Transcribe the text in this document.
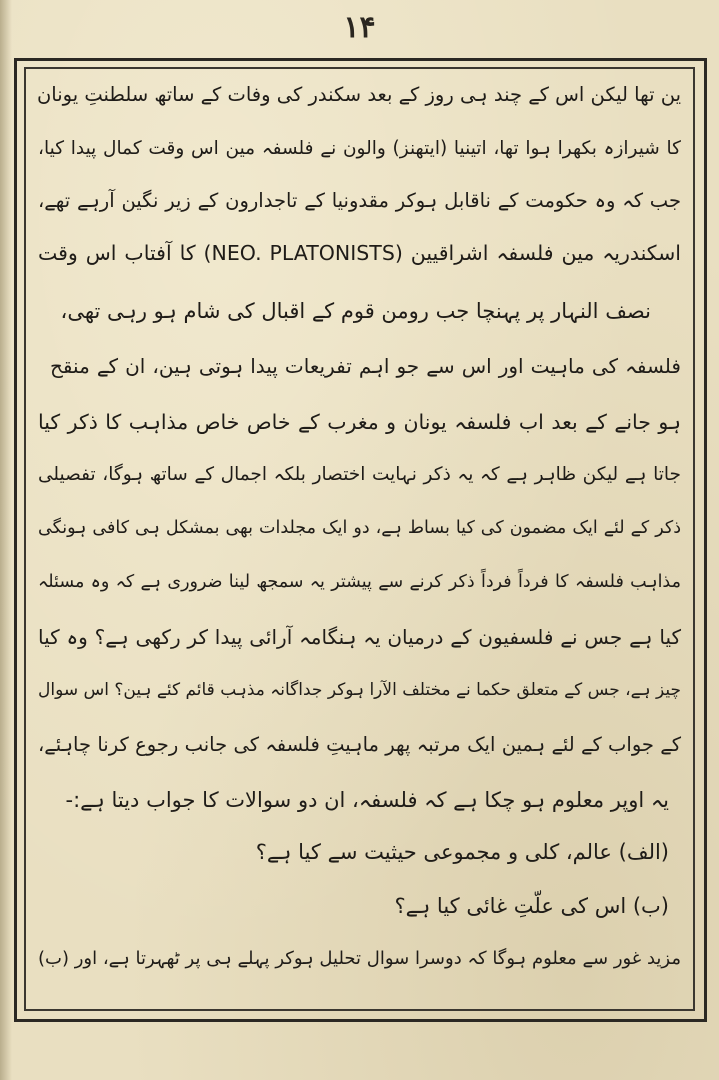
۱۴
ین تھا لیکن اس کے چند ہی روز کے بعد سکندر کی وفات کے ساتھ سلطنتِ یونان
کا شیرازہ بکھرا ہوا تھا، اتینیا (ایتھنز) والون نے فلسفہ مین اس وقت کمال پیدا کیا،
جب کہ وہ حکومت کے ناقابل ہوکر مقدونیا کے تاجدارون کے زیر نگین آرہے تھے،
اسکندریہ مین فلسفہ اشراقیین (NEO. PLATONISTS) کا آفتاب اس وقت
نصف النہار پر پہنچا جب رومن قوم کے اقبال کی شام ہو رہی تھی،
فلسفہ کی ماہیت اور اس سے جو اہم تفریعات پیدا ہوتی ہین، ان کے منقح
ہو جانے کے بعد اب فلسفہ یونان و مغرب کے خاص خاص مذاہب کا ذکر کیا
جاتا ہے لیکن ظاہر ہے کہ یہ ذکر نہایت اختصار بلکہ اجمال کے ساتھ ہوگا، تفصیلی
ذکر کے لئے ایک مضمون کی کیا بساط ہے، دو ایک مجلدات بھی بمشکل ہی کافی ہونگی
مذاہب فلسفہ کا فرداً فرداً ذکر کرنے سے پیشتر یہ سمجھ لینا ضروری ہے کہ وہ مسئلہ
کیا ہے جس نے فلسفیون کے درمیان یہ ہنگامہ آرائی پیدا کر رکھی ہے؟ وہ کیا
چیز ہے، جس کے متعلق حکما نے مختلف الآرا ہوکر جداگانہ مذہب قائم کئے ہین؟ اس سوال
کے جواب کے لئے ہمین ایک مرتبہ پھر ماہیتِ فلسفہ کی جانب رجوع کرنا چاہئے،
یہ اوپر معلوم ہو چکا ہے کہ فلسفہ، ان دو سوالات کا جواب دیتا ہے:-
(الف) عالم، کلی و مجموعی حیثیت سے کیا ہے؟
(ب) اس کی علّتِ غائی کیا ہے؟
مزید غور سے معلوم ہوگا کہ دوسرا سوال تحلیل ہوکر پہلے ہی پر ٹھہرتا ہے، اور (ب)
